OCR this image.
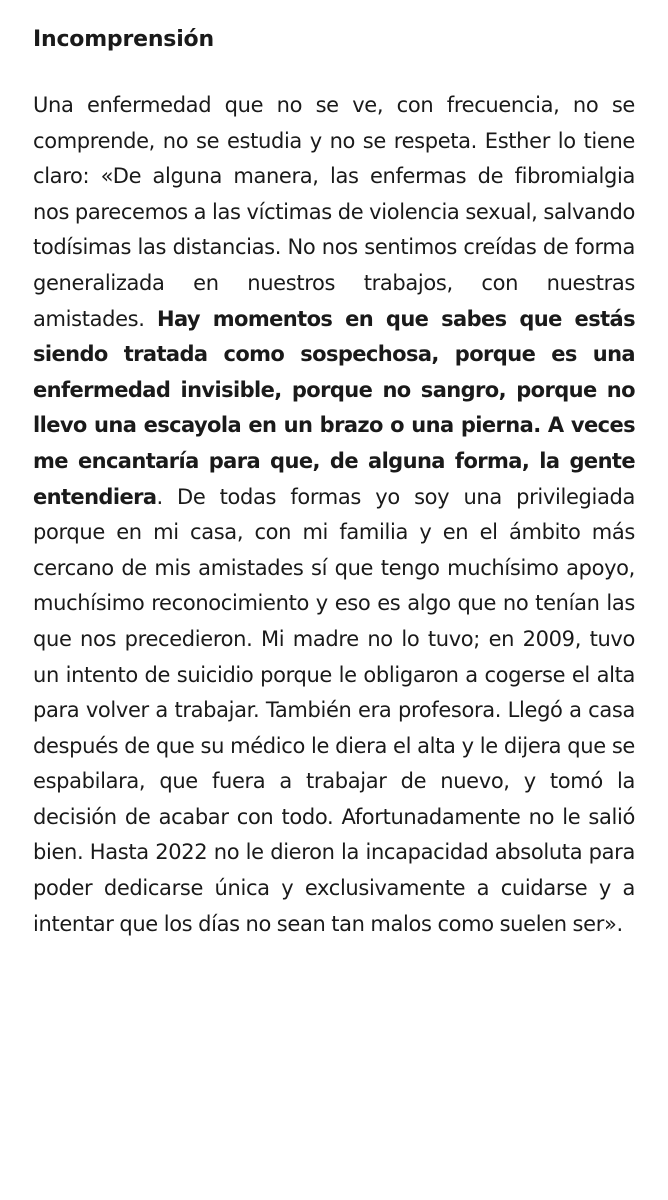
Incomprensión

Una enfermedad que no se ve, con frecuencia, no se comprende, no se estudia y no se respeta. Esther lo tiene claro: «De alguna manera, las enfermas de fibromialgia nos parecemos a las víctimas de violencia sexual, salvando todísimas las distancias. No nos sentimos creídas de forma generalizada en nuestros trabajos, con nuestras amistades. Hay momentos en que sabes que estás siendo tratada como sospechosa, porque es una enfermedad invisible, porque no sangro, porque no llevo una escayola en un brazo o una pierna. A veces me encantaría para que, de alguna forma, la gente entendiera. De todas formas yo soy una privilegiada porque en mi casa, con mi familia y en el ámbito más cercano de mis amistades sí que tengo muchísimo apoyo, muchísimo reconocimiento y eso es algo que no tenían las que nos precedieron. Mi madre no lo tuvo; en 2009, tuvo un intento de suicidio porque le obligaron a cogerse el alta para volver a trabajar. También era profesora. Llegó a casa después de que su médico le diera el alta y le dijera que se espabilara, que fuera a trabajar de nuevo, y tomó la decisión de acabar con todo. Afortunadamente no le salió bien. Hasta 2022 no le dieron la incapacidad absoluta para poder dedicarse única y exclusivamente a cuidarse y a intentar que los días no sean tan malos como suelen ser».
